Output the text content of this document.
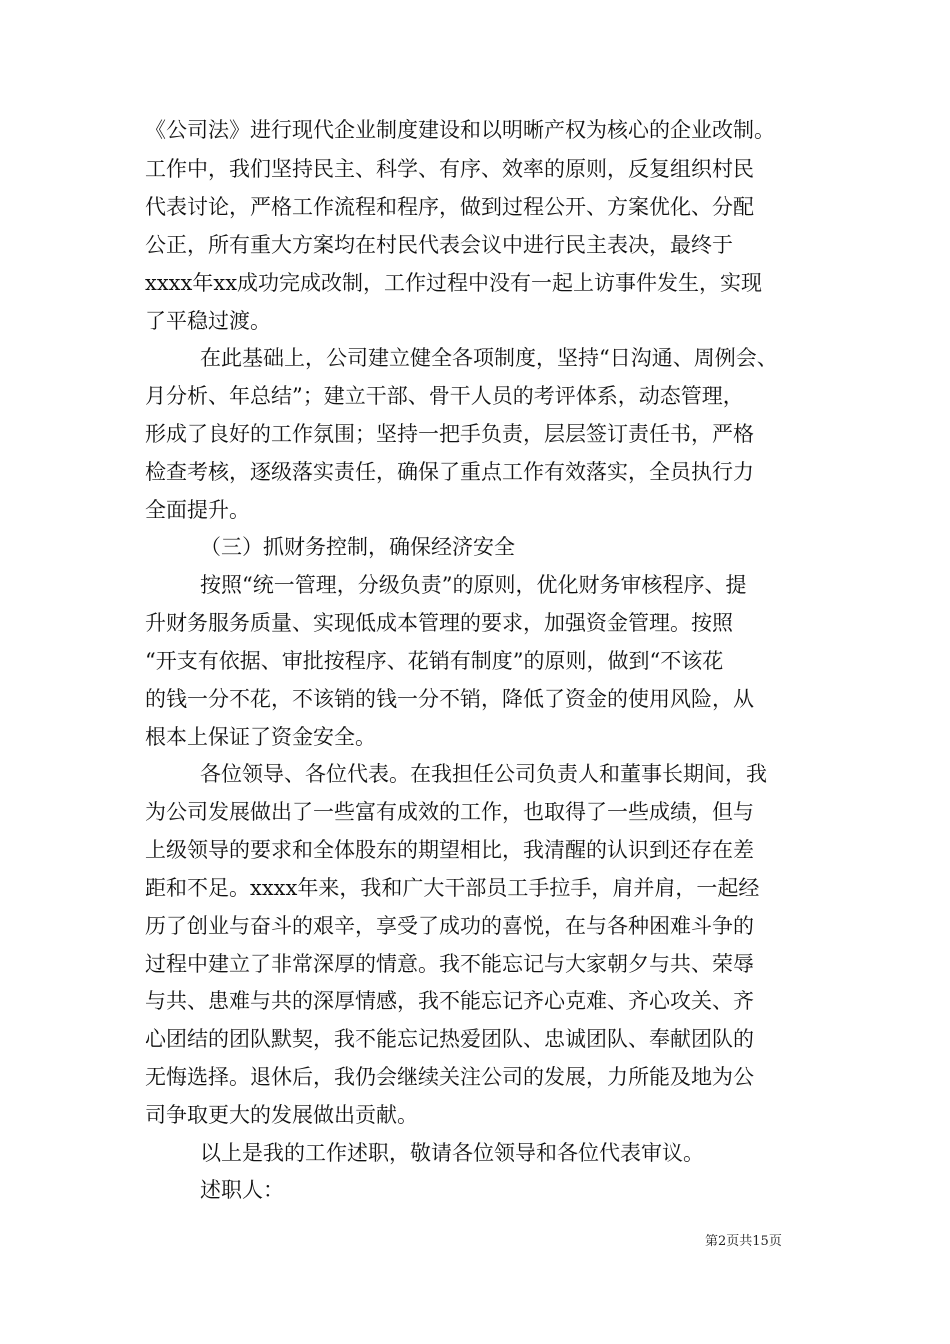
《公司法》进行现代企业制度建设和以明晰产权为核心的企业改制。
工作中，我们坚持民主、科学、有序、效率的原则，反复组织村民
代表讨论，严格工作流程和程序，做到过程公开、方案优化、分配
公正，所有重大方案均在村民代表会议中进行民主表决，最终于
xxxx年xx成功完成改制，工作过程中没有一起上访事件发生，实现
了平稳过渡。
在此基础上，公司建立健全各项制度，坚持“日沟通、周例会、
月分析、年总结”；建立干部、骨干人员的考评体系，动态管理，
形成了良好的工作氛围；坚持一把手负责，层层签订责任书，严格
检查考核，逐级落实责任，确保了重点工作有效落实，全员执行力
全面提升。
（三）抓财务控制，确保经济安全
按照“统一管理，分级负责”的原则，优化财务审核程序、提
升财务服务质量、实现低成本管理的要求，加强资金管理。按照
“开支有依据、审批按程序、花销有制度”的原则，做到“不该花
的钱一分不花，不该销的钱一分不销，降低了资金的使用风险，从
根本上保证了资金安全。
各位领导、各位代表。在我担任公司负责人和董事长期间，我
为公司发展做出了一些富有成效的工作，也取得了一些成绩，但与
上级领导的要求和全体股东的期望相比，我清醒的认识到还存在差
距和不足。xxxx年来，我和广大干部员工手拉手，肩并肩，一起经
历了创业与奋斗的艰辛，享受了成功的喜悦，在与各种困难斗争的
过程中建立了非常深厚的情意。我不能忘记与大家朝夕与共、荣辱
与共、患难与共的深厚情感，我不能忘记齐心克难、齐心攻关、齐
心团结的团队默契，我不能忘记热爱团队、忠诚团队、奉献团队的
无悔选择。退休后，我仍会继续关注公司的发展，力所能及地为公
司争取更大的发展做出贡献。
以上是我的工作述职，敬请各位领导和各位代表审议。
述职人：
第2页共15页
